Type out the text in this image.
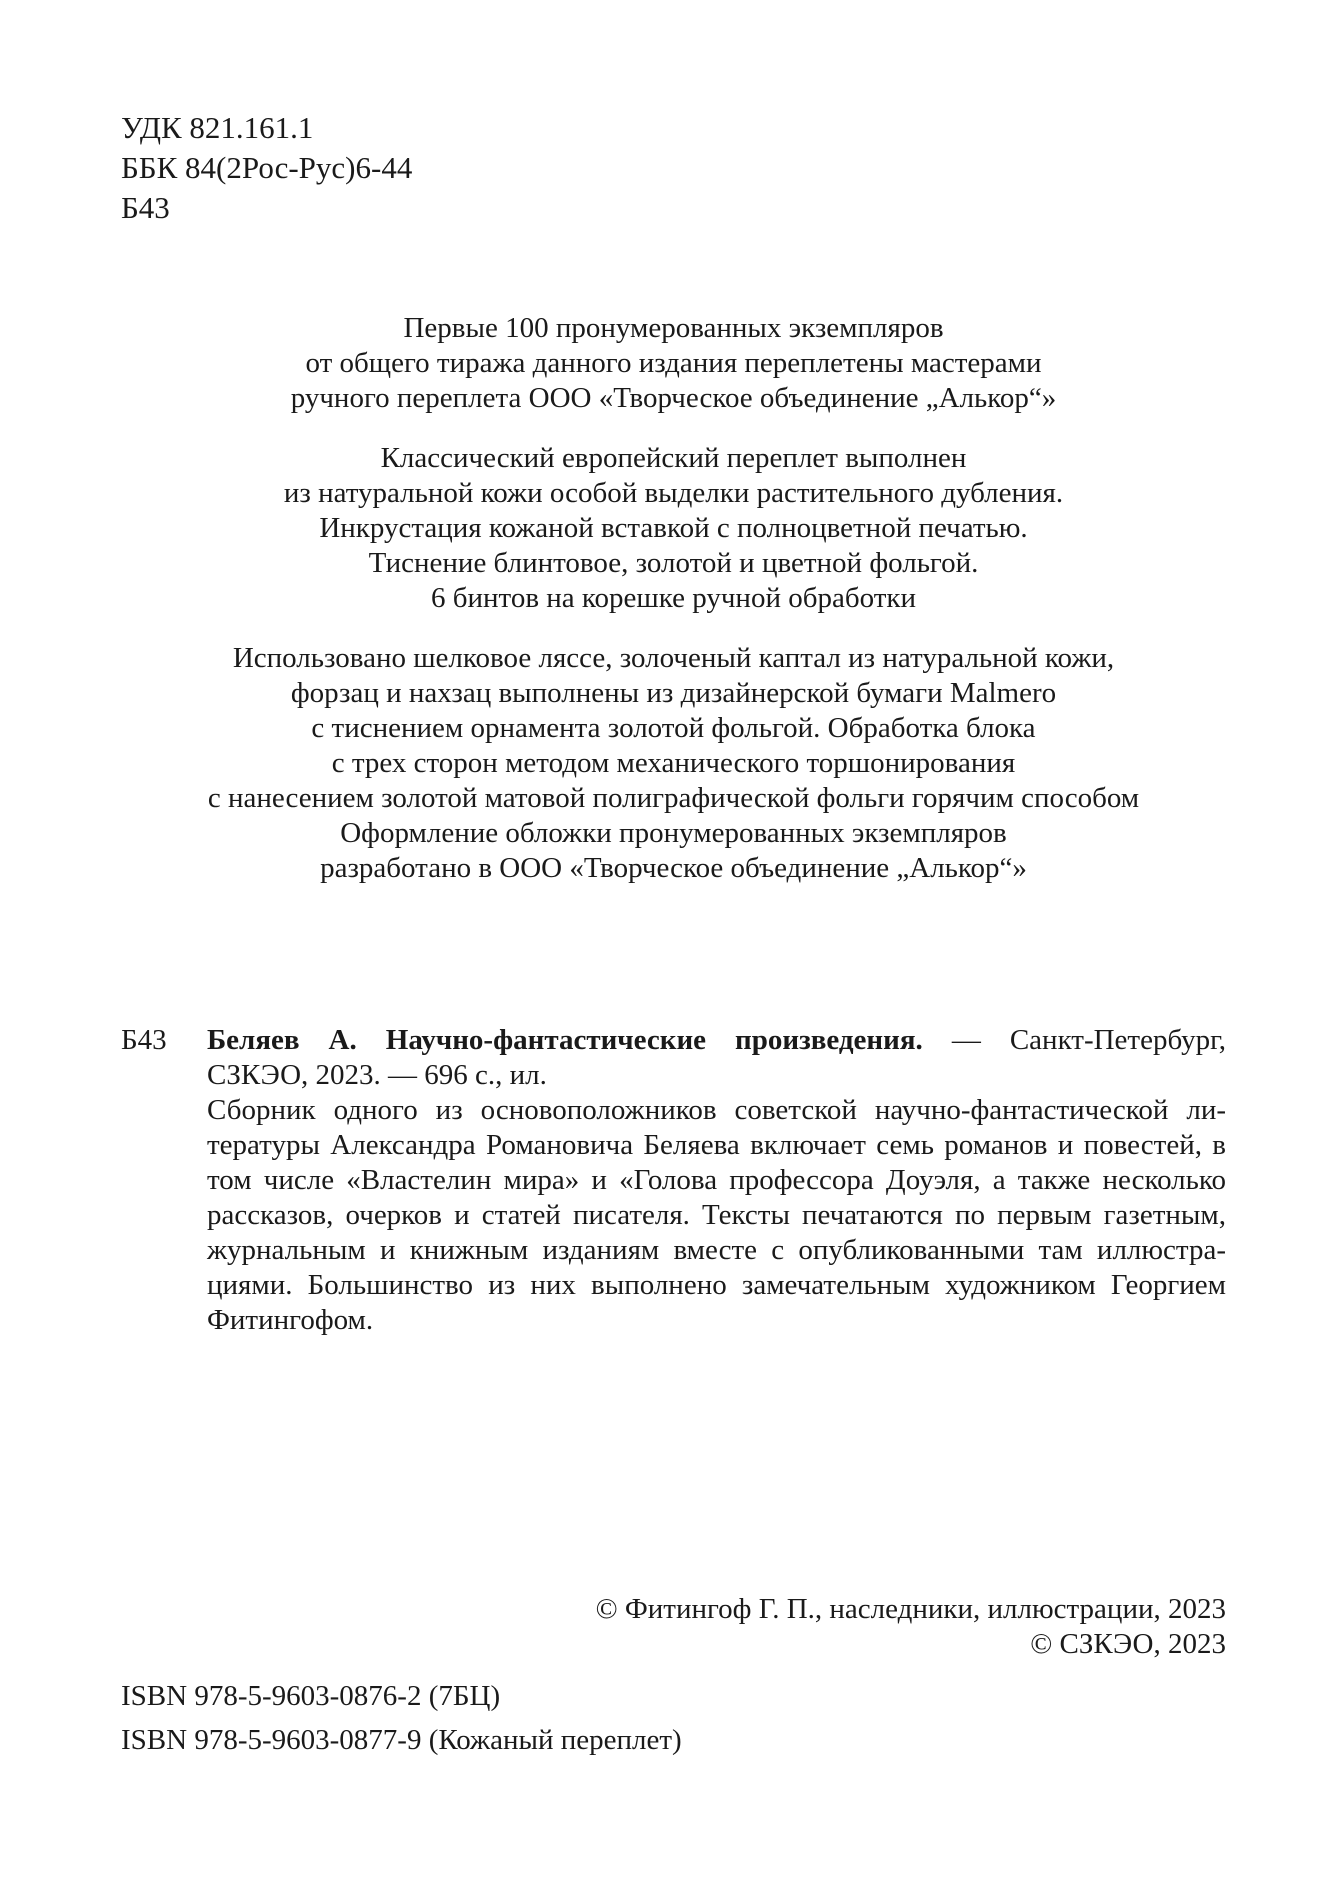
УДК 821.161.1
ББК 84(2Рос-Рус)6-44
Б43
Первые 100 пронумерованных экземпляров
от общего тиража данного издания переплетены мастерами
ручного переплета ООО «Творческое объединение „Алькор“»
Классический европейский переплет выполнен
из натуральной кожи особой выделки растительного дубления.
Инкрустация кожаной вставкой с полноцветной печатью.
Тиснение блинтовое, золотой и цветной фольгой.
6 бинтов на корешке ручной обработки
Использовано шелковое ляссе, золоченый каптал из натуральной кожи,
форзац и нахзац выполнены из дизайнерской бумаги Malmero
с тиснением орнамента золотой фольгой. Обработка блока
с трех сторон методом механического торшонирования
с нанесением золотой матовой полиграфической фольги горячим способом
Оформление обложки пронумерованных экземпляров
разработано в ООО «Творческое объединение „Алькор“»
Б43 Беляев А. Научно-фантастические произведения. — Санкт-Петербург,
СЗКЭО, 2023. — 696 с., ил.
Сборник одного из основоположников советской научно-фантастической ли-
тературы Александра Романовича Беляева включает семь романов и повестей, в
том числе «Властелин мира» и «Голова профессора Доуэля, а также несколько
рассказов, очерков и статей писателя. Тексты печатаются по первым газетным,
журнальным и книжным изданиям вместе с опубликованными там иллюстра-
циями. Большинство из них выполнено замечательным художником Георгием
Фитингофом.
© Фитингоф Г. П., наследники, иллюстрации, 2023
© СЗКЭО, 2023
ISBN 978-5-9603-0876-2 (7БЦ)
ISBN 978-5-9603-0877-9 (Кожаный переплет)
